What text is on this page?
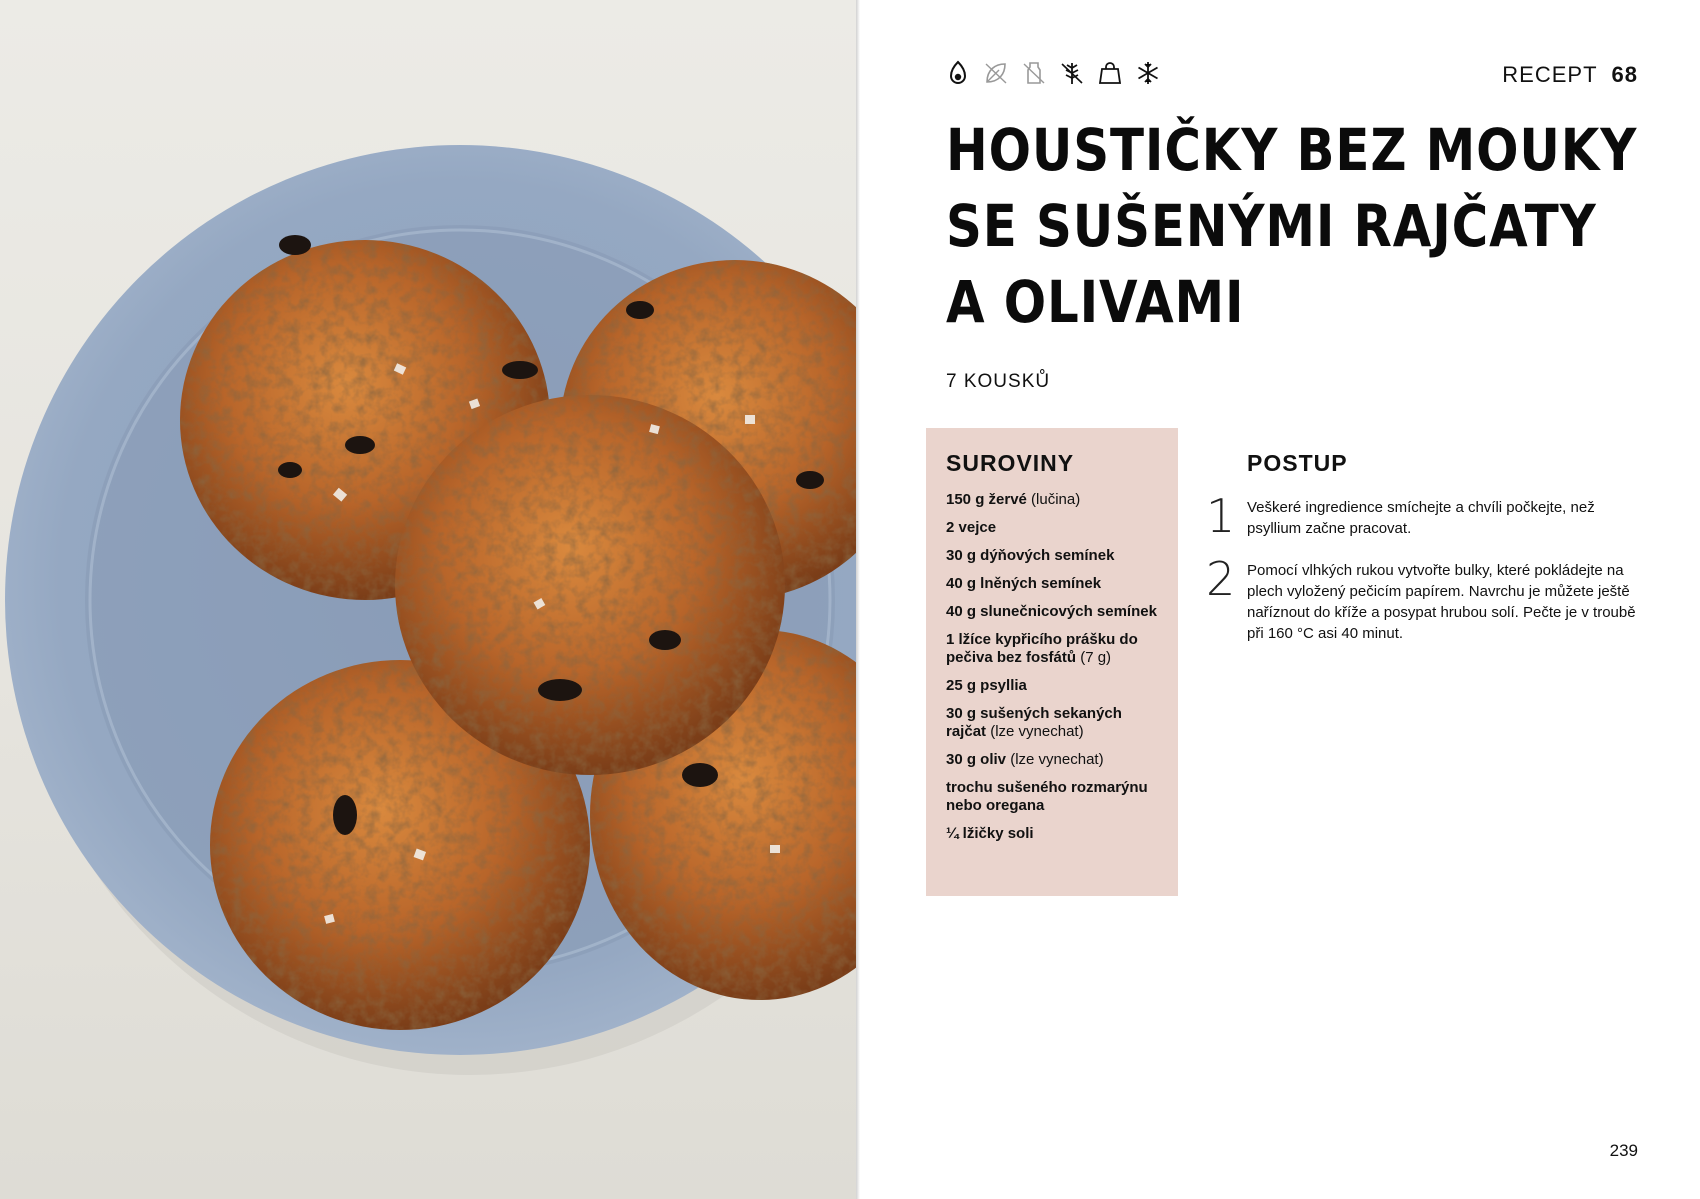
RECEPT 68
HOUSTIČKY BEZ MOUKY
SE SUŠENÝMI RAJČATY
A OLIVAMI
7 KOUSKŮ
SUROVINY
150 g žervé (lučina)
2 vejce
30 g dýňových semínek
40 g lněných semínek
40 g slunečnicových semínek
1 lžíce kypřicího prášku do pečiva bez fosfátů (7 g)
25 g psyllia
30 g sušených sekaných rajčat (lze vynechat)
30 g oliv (lze vynechat)
trochu sušeného rozmarýnu nebo oregana
¼ lžičky soli
POSTUP
1 Veškeré ingredience smíchejte a chvíli počkejte, než psyllium začne pracovat.
2 Pomocí vlhkých rukou vytvořte bulky, které pokládejte na plech vyložený pečicím papírem. Navrchu je můžete ještě naříznout do kříže a posypat hrubou solí. Pečte je v troubě při 160 °C asi 40 minut.
239
